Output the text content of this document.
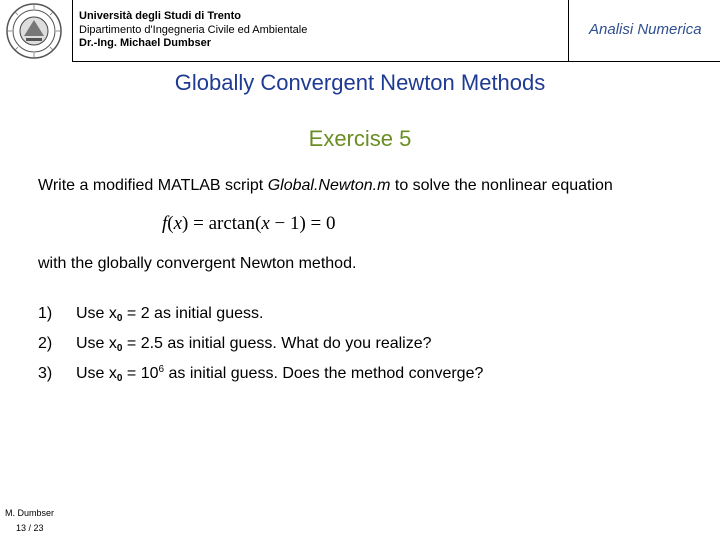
Università degli Studi di Trento
Dipartimento d'Ingegneria Civile ed Ambientale
Dr.-Ing. Michael Dumbser
Analisi Numerica
Globally Convergent Newton Methods
Exercise 5
Write a modified MATLAB script Global.Newton.m to solve the nonlinear equation
f(x) = arctan(x − 1) = 0
with the globally convergent Newton method.
1) Use $x_0 = 2$ as initial guess.
2) Use $x_0 = 2.5$ as initial guess. What do you realize?
3) Use $x_0 = 10^6$ as initial guess. Does the method converge?
M. Dumbser
13 / 23
